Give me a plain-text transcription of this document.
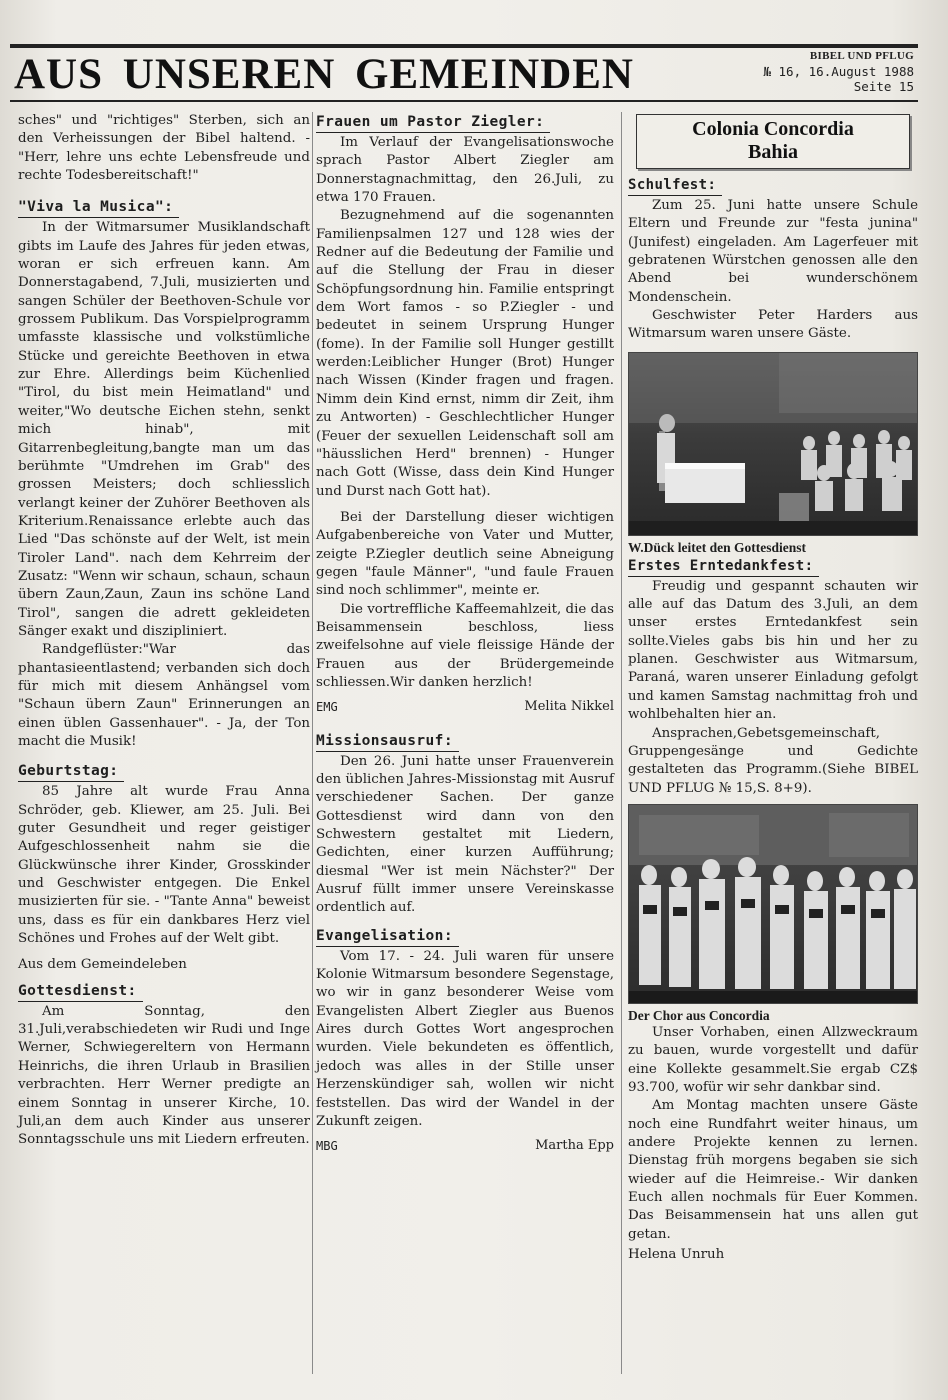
AUS UNSEREN GEMEINDEN	BIBEL UND PFLUG
№ 16, 16.August 1988
Seite 15

sches" und "richtiges" Sterben, sich an den Verheissungen der Bibel haltend. - "Herr, lehre uns echte Lebensfreude und rechte Todesbereitschaft!"

"Viva la Musica":

In der Witmarsumer Musiklandschaft gibts im Laufe des Jahres für jeden etwas, woran er sich erfreuen kann. Am Donnerstagabend, 7.Juli, musizierten und sangen Schüler der Beethoven-Schule vor grossem Publikum. Das Vorspielprogramm umfasste klassische und volkstümliche Stücke und gereichte Beethoven in etwa zur Ehre. Allerdings beim Küchenlied "Tirol, du bist mein Heimatland" und weiter,"Wo deutsche Eichen stehn, senkt mich hinab", mit Gitarrenbegleitung,bangte man um das berühmte "Umdrehen im Grab" des grossen Meisters; doch schliesslich verlangt keiner der Zuhörer Beethoven als Kriterium.Renaissance erlebte auch das Lied "Das schönste auf der Welt, ist mein Tiroler Land". nach dem Kehrreim der Zusatz: "Wenn wir schaun, schaun, schaun übern Zaun,Zaun, Zaun ins schöne Land Tirol", sangen die adrett gekleideten Sänger exakt und diszipliniert.

Randgeflüster:"War das phantasieentlastend; verbanden sich doch für mich mit diesem Anhängsel vom "Schaun übern Zaun" Erinnerungen an einen üblen Gassenhauer". - Ja, der Ton macht die Musik!

Geburtstag:

85 Jahre alt wurde Frau Anna Schröder, geb. Kliewer, am 25. Juli. Bei guter Gesundheit und reger geistiger Aufgeschlossenheit nahm sie die Glückwünsche ihrer Kinder, Grosskinder und Geschwister entgegen. Die Enkel musizierten für sie. - "Tante Anna" beweist uns, dass es für ein dankbares Herz viel Schönes und Frohes auf der Welt gibt.

Aus dem Gemeindeleben

Gottesdienst:

Am Sonntag, den 31.Juli,verabschiedeten wir Rudi und Inge Werner, Schwiegereltern von Hermann Heinrichs, die ihren Urlaub in Brasilien verbrachten. Herr Werner predigte an einem Sonntag in unserer Kirche, 10. Juli,an dem auch Kinder aus unserer Sonntagsschule uns mit Liedern erfreuten.

Frauen um Pastor Ziegler:

Im Verlauf der Evangelisationswoche sprach Pastor Albert Ziegler am Donnerstagnachmittag, den 26.Juli, zu etwa 170 Frauen.

Bezugnehmend auf die sogenannten Familienpsalmen 127 und 128 wies der Redner auf die Bedeutung der Familie und auf die Stellung der Frau in dieser Schöpfungsordnung hin. Familie entspringt dem Wort famos - so P.Ziegler - und bedeutet in seinem Ursprung Hunger (fome). In der Familie soll Hunger gestillt werden:Leiblicher Hunger (Brot) Hunger nach Wissen (Kinder fragen und fragen. Nimm dein Kind ernst, nimm dir Zeit, ihm zu Antworten) - Geschlechtlicher Hunger (Feuer der sexuellen Leidenschaft soll am "häusslichen Herd" brennen) - Hunger nach Gott (Wisse, dass dein Kind Hunger und Durst nach Gott hat).

Bei der Darstellung dieser wichtigen Aufgabenbereiche von Vater und Mutter, zeigte P.Ziegler deutlich seine Abneigung gegen "faule Männer", "und faule Frauen sind noch schlimmer", meinte er.

Die vortreffliche Kaffeemahlzeit, die das Beisammensein beschloss, liess zweifelsohne auf viele fleissige Hände der Frauen aus der Brüdergemeinde schliessen.Wir danken herzlich!

EMG	Melita Nikkel
Missionsausruf:

Den 26. Juni hatte unser Frauenverein den üblichen Jahres-Missionstag mit Ausruf verschiedener Sachen. Der ganze Gottesdienst wird dann von den Schwestern gestaltet mit Liedern, Gedichten, einer kurzen Aufführung; diesmal "Wer ist mein Nächster?" Der Ausruf füllt immer unsere Vereinskasse ordentlich auf.

Evangelisation:

Vom 17. - 24. Juli waren für unsere Kolonie Witmarsum besondere Segenstage, wo wir in ganz besonderer Weise vom Evangelisten Albert Ziegler aus Buenos Aires durch Gottes Wort angesprochen wurden. Viele bekundeten es öffentlich, jedoch was alles in der Stille unser Herzenskündiger sah, wollen wir nicht feststellen. Das wird der Wandel in der Zukunft zeigen.

MBG	Martha Epp
Colonia Concordia
Bahia
Schulfest:

Zum 25. Juni hatte unsere Schule Eltern und Freunde zur "festa junina" (Junifest) eingeladen. Am Lagerfeuer mit gebratenen Würstchen genossen alle den Abend bei wunderschönem Mondenschein.

Geschwister Peter Harders aus Witmarsum waren unsere Gäste.

W.Dück leitet den Gottesdienst
Erstes Erntedankfest:

Freudig und gespannt schauten wir alle auf das Datum des 3.Juli, an dem unser erstes Erntedankfest sein sollte.Vieles gabs bis hin und her zu planen. Geschwister aus Witmarsum, Paraná, waren unserer Einladung gefolgt und kamen Samstag nachmittag froh und wohlbehalten hier an.

Ansprachen,Gebetsgemeinschaft, Gruppengesänge und Gedichte gestalteten das Programm.(Siehe BIBEL UND PFLUG № 15,S. 8+9).

Der Chor aus Concordia

Unser Vorhaben, einen Allzweckraum zu bauen, wurde vorgestellt und dafür eine Kollekte gesammelt.Sie ergab CZ$ 93.700, wofür wir sehr dankbar sind.

Am Montag machten unsere Gäste noch eine Rundfahrt weiter hinaus, um andere Projekte kennen zu lernen. Dienstag früh morgens begaben sie sich wieder auf die Heimreise.- Wir danken Euch allen nochmals für Euer Kommen. Das Beisammensein hat uns allen gut getan.

Helena Unruh
